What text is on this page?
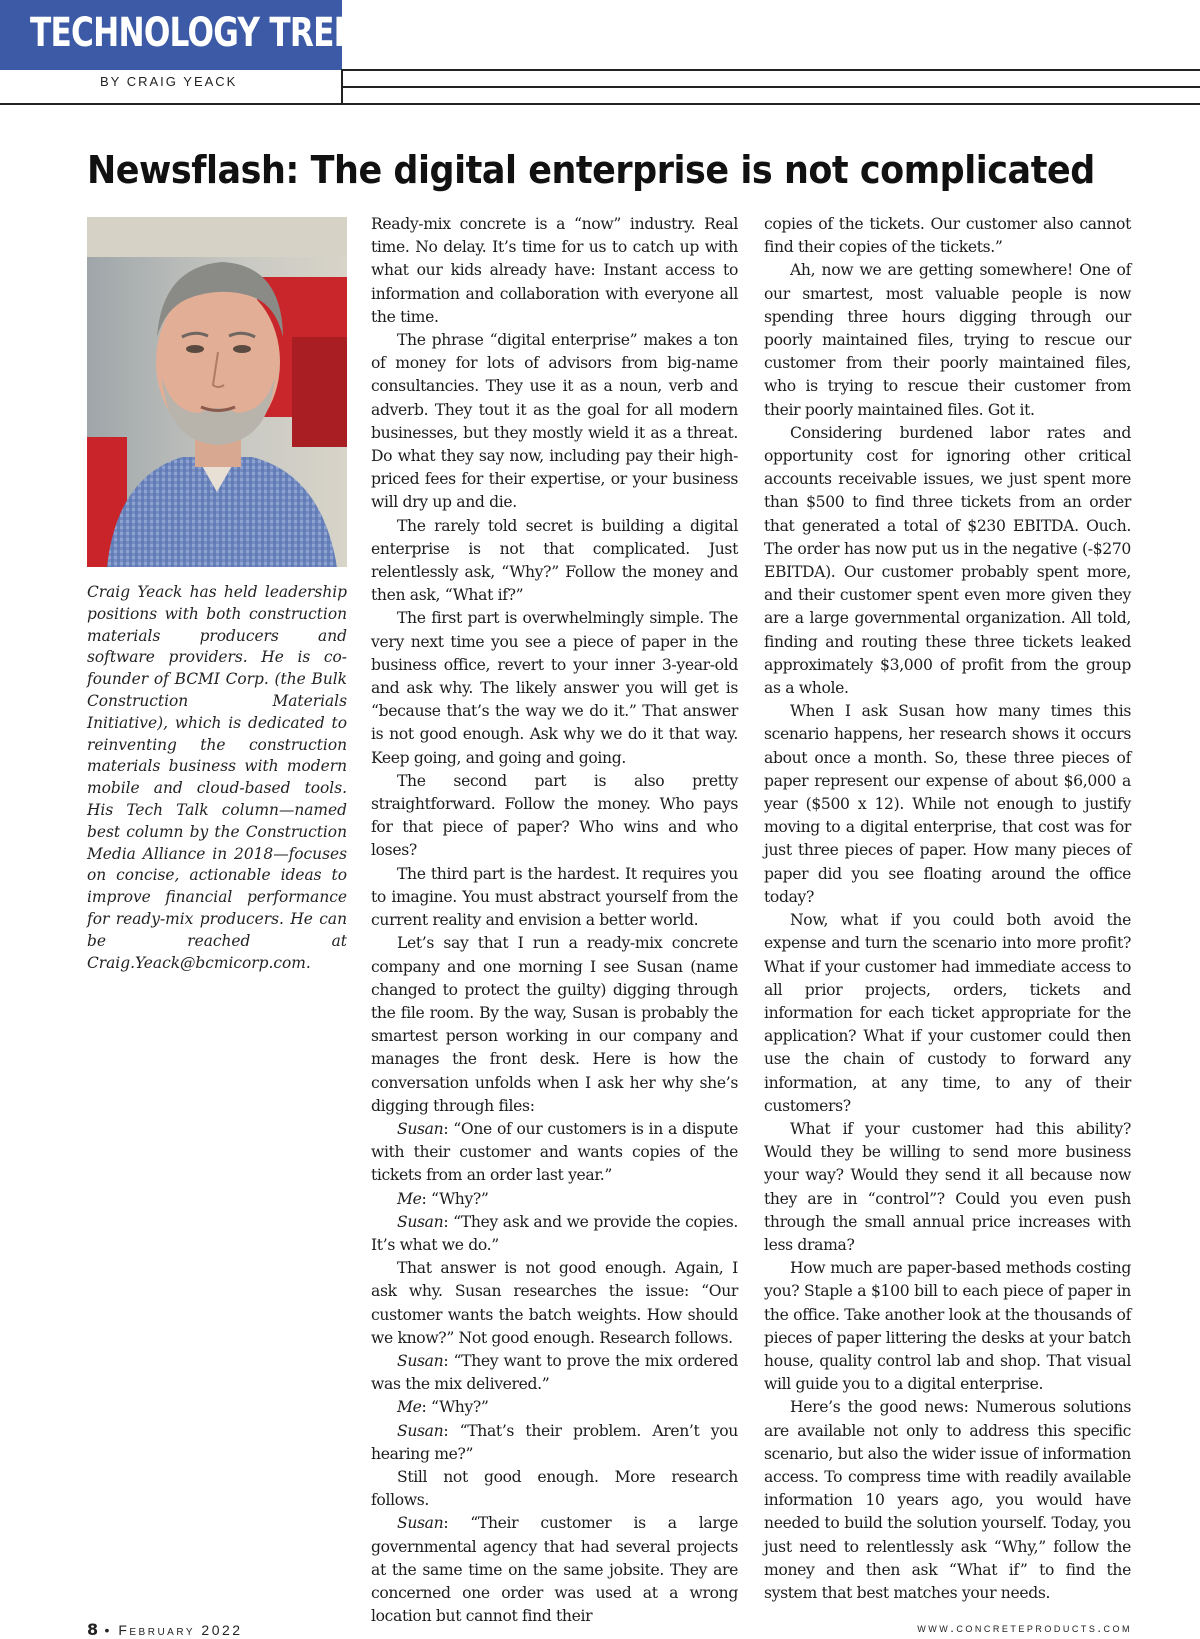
TECHNOLOGY TRENDS
BY CRAIG YEACK
Newsflash: The digital enterprise is not complicated

Craig Yeack has held leadership positions with both construction materials producers and software providers. He is co-founder of BCMI Corp. (the Bulk Construction Materials Initiative), which is dedicated to reinventing the construction materials business with modern mobile and cloud-based tools. His Tech Talk column—named best column by the Construction Media Alliance in 2018—focuses on concise, actionable ideas to improve financial performance for ready-mix producers. He can be reached at Craig.Yeack@bcmicorp.com.

Ready-mix concrete is a “now” industry. Real time. No delay. It’s time for us to catch up with what our kids already have: Instant access to information and collaboration with everyone all the time.

The phrase “digital enterprise” makes a ton of money for lots of advisors from big-name consultancies. They use it as a noun, verb and adverb. They tout it as the goal for all modern businesses, but they mostly wield it as a threat. Do what they say now, including pay their high-priced fees for their expertise, or your business will dry up and die.

The rarely told secret is building a digital enterprise is not that complicated. Just relentlessly ask, “Why?” Follow the money and then ask, “What if?”

The first part is overwhelmingly simple. The very next time you see a piece of paper in the business office, revert to your inner 3-year-old and ask why. The likely answer you will get is “because that’s the way we do it.” That answer is not good enough. Ask why we do it that way. Keep going, and going and going.

The second part is also pretty straightforward. Follow the money. Who pays for that piece of paper? Who wins and who loses?

The third part is the hardest. It requires you to imagine. You must abstract yourself from the current reality and envision a better world.

Let’s say that I run a ready-mix concrete company and one morning I see Susan (name changed to protect the guilty) digging through the file room. By the way, Susan is probably the smartest person working in our company and manages the front desk. Here is how the conversation unfolds when I ask her why she’s digging through files:

Susan: “One of our customers is in a dispute with their customer and wants copies of the tickets from an order last year.”

Me: “Why?”

Susan: “They ask and we provide the copies. It’s what we do.”

That answer is not good enough. Again, I ask why. Susan researches the issue: “Our customer wants the batch weights. How should we know?” Not good enough. Research follows.

Susan: “They want to prove the mix ordered was the mix delivered.”

Me: “Why?”

Susan: “That’s their problem. Aren’t you hearing me?”

Still not good enough. More research follows.

Susan: “Their customer is a large governmental agency that had several projects at the same time on the same jobsite. They are concerned one order was used at a wrong location but cannot find their

copies of the tickets. Our customer also cannot find their copies of the tickets.”

Ah, now we are getting somewhere! One of our smartest, most valuable people is now spending three hours digging through our poorly maintained files, trying to rescue our customer from their poorly maintained files, who is trying to rescue their customer from their poorly maintained files. Got it.

Considering burdened labor rates and opportunity cost for ignoring other critical accounts receivable issues, we just spent more than $500 to find three tickets from an order that generated a total of $230 EBITDA. Ouch. The order has now put us in the negative (-$270 EBITDA). Our customer probably spent more, and their customer spent even more given they are a large governmental organization. All told, finding and routing these three tickets leaked approximately $3,000 of profit from the group as a whole.

When I ask Susan how many times this scenario happens, her research shows it occurs about once a month. So, these three pieces of paper represent our expense of about $6,000 a year ($500 x 12). While not enough to justify moving to a digital enterprise, that cost was for just three pieces of paper. How many pieces of paper did you see floating around the office today?

Now, what if you could both avoid the expense and turn the scenario into more profit? What if your customer had immediate access to all prior projects, orders, tickets and information for each ticket appropriate for the application? What if your customer could then use the chain of custody to forward any information, at any time, to any of their customers?

What if your customer had this ability? Would they be willing to send more business your way? Would they send it all because now they are in “control”? Could you even push through the small annual price increases with less drama?

How much are paper-based methods costing you? Staple a $100 bill to each piece of paper in the office. Take another look at the thousands of pieces of paper littering the desks at your batch house, quality control lab and shop. That visual will guide you to a digital enterprise.

Here’s the good news: Numerous solutions are available not only to address this specific scenario, but also the wider issue of information access. To compress time with readily available information 10 years ago, you would have needed to build the solution yourself. Today, you just need to relentlessly ask “Why,” follow the money and then ask “What if” to find the system that best matches your needs.

8 • February 2022	www.concreteproducts.com
